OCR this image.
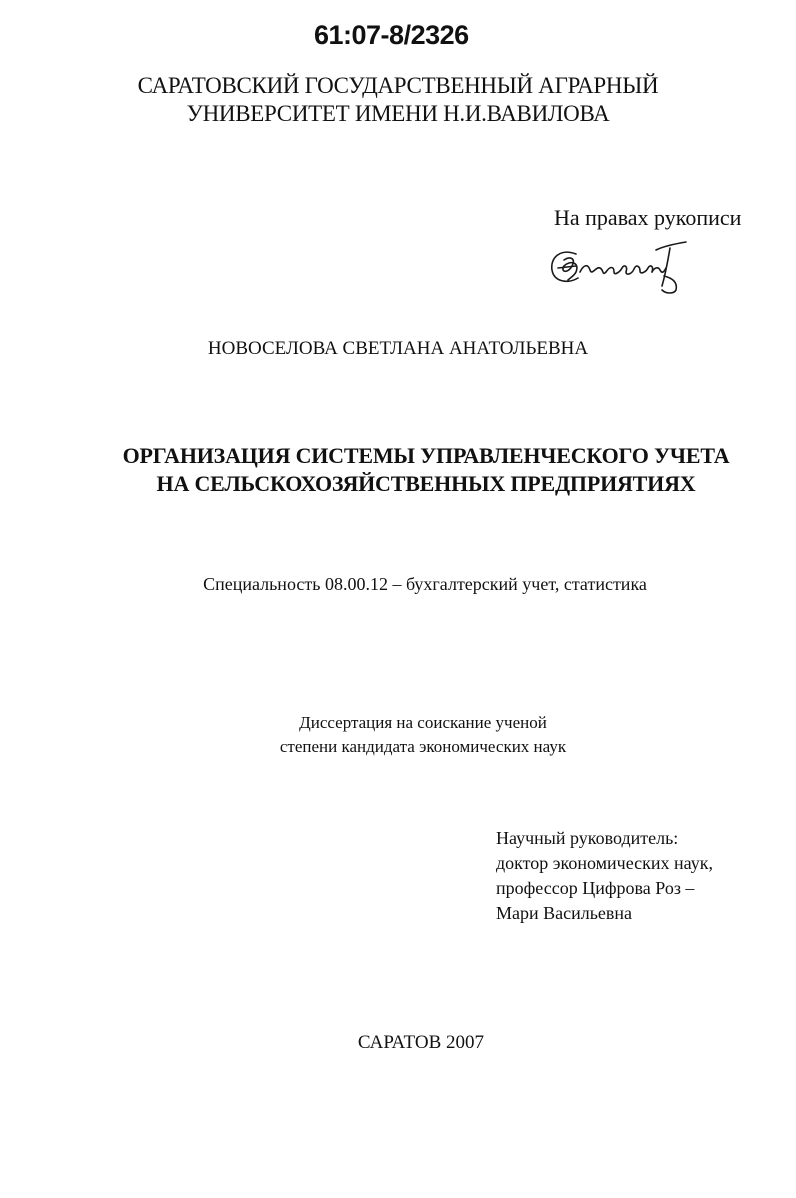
61:07-8/2326
САРАТОВСКИЙ ГОСУДАРСТВЕННЫЙ АГРАРНЫЙ
УНИВЕРСИТЕТ ИМЕНИ Н.И.ВАВИЛОВА
На правах рукописи
НОВОСЕЛОВА СВЕТЛАНА АНАТОЛЬЕВНА
ОРГАНИЗАЦИЯ СИСТЕМЫ УПРАВЛЕНЧЕСКОГО УЧЕТА
НА СЕЛЬСКОХОЗЯЙСТВЕННЫХ ПРЕДПРИЯТИЯХ
Специальность 08.00.12 – бухгалтерский учет, статистика
Диссертация на соискание ученой
степени кандидата экономических наук
Научный руководитель:
доктор экономических наук,
профессор Цифрова Роз –
Мари Васильевна
САРАТОВ 2007
